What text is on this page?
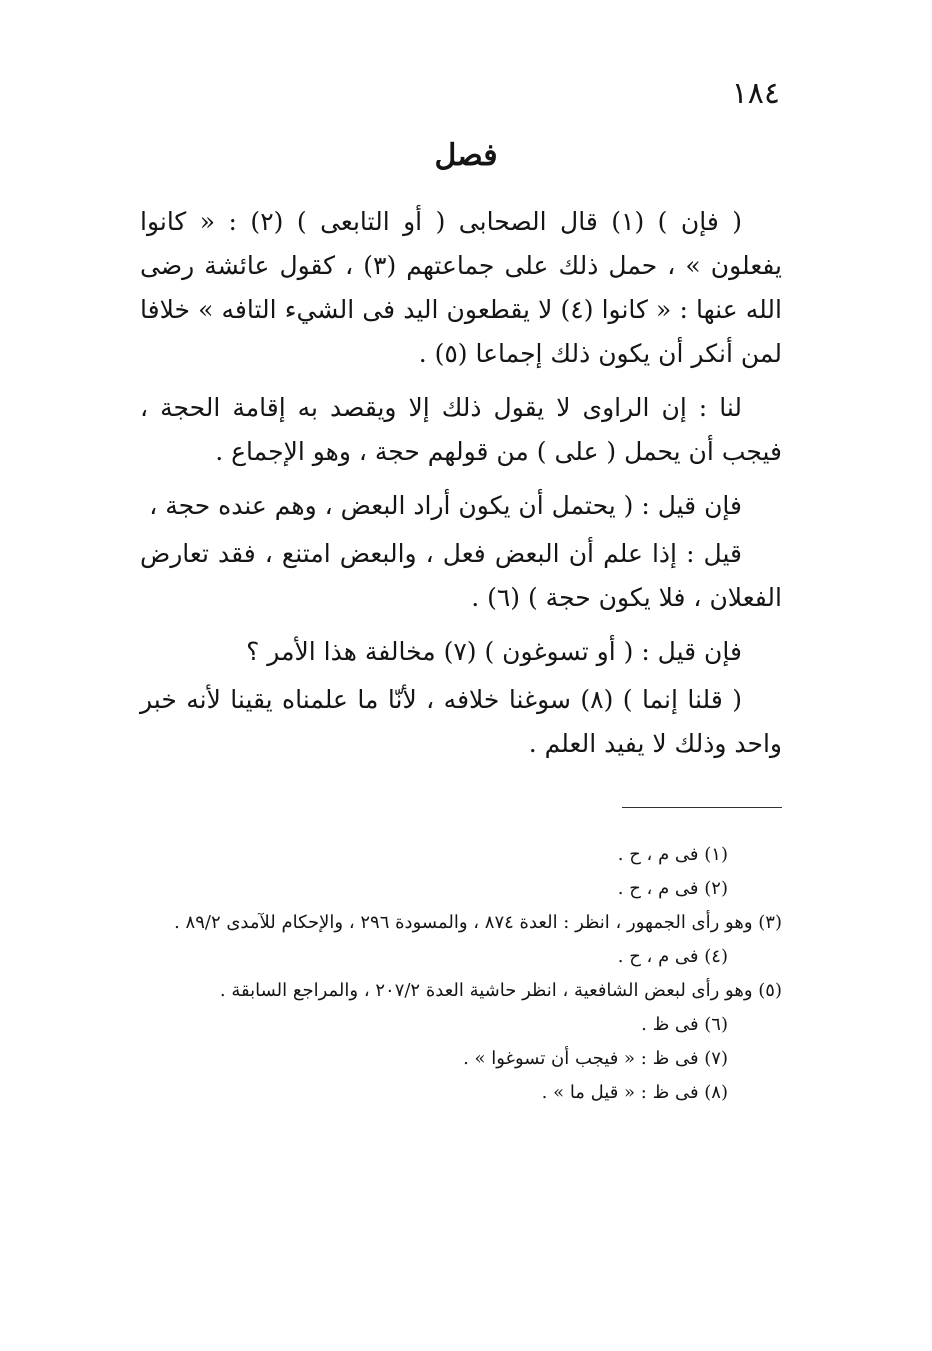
١٨٤
فصل

( فإن ) (١) قال الصحابى ( أو التابعى ) (٢) : « كانوا يفعلون » ، حمل ذلك على جماعتهم (٣) ، كقول عائشة رضى الله عنها : « كانوا (٤) لا يقطعون اليد فى الشيء التافه » خلافا لمن أنكر أن يكون ذلك إجماعا (٥) .

لنا : إن الراوى لا يقول ذلك إلا ويقصد به إقامة الحجة ، فيجب أن يحمل ( على ) من قولهم حجة ، وهو الإجماع .

فإن قيل : ( يحتمل أن يكون أراد البعض ، وهم عنده حجة ،

قيل : إذا علم أن البعض فعل ، والبعض امتنع ، فقد تعارض الفعلان ، فلا يكون حجة ) (٦) .

فإن قيل : ( أو تسوغون ) (٧) مخالفة هذا الأمر ؟

( قلنا إنما ) (٨) سوغنا خلافه ، لأنّا ما علمناه يقينا لأنه خبر واحد وذلك لا يفيد العلم .

(١) فى م ، ح .

(٢) فى م ، ح .

(٣) وهو رأى الجمهور ، انظر : العدة ٨٧٤ ، والمسودة ٢٩٦ ، والإحكام للآمدى ٨٩/٢ .

(٤) فى م ، ح .

(٥) وهو رأى لبعض الشافعية ، انظر حاشية العدة ٢٠٧/٢ ، والمراجع السابقة .

(٦) فى ظ .

(٧) فى ظ : « فيجب أن تسوغوا » .

(٨) فى ظ : « قيل ما » .
